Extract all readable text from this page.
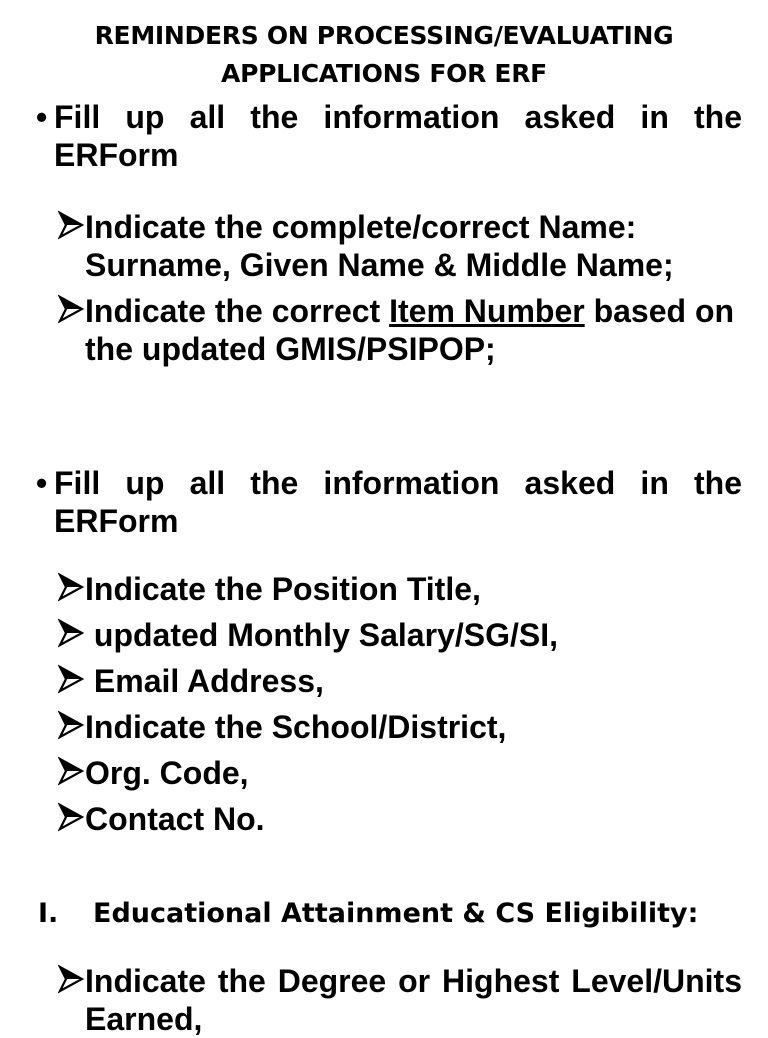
REMINDERS ON PROCESSING/EVALUATING
APPLICATIONS FOR ERF
• Fill up all the information asked in the ERForm
Indicate the complete/correct Name: Surname, Given Name & Middle Name;
Indicate the correct Item Number based on the updated GMIS/PSIPOP;
• Fill up all the information asked in the ERForm
Indicate the Position Title,
updated Monthly Salary/SG/SI,
Email Address,
Indicate the School/District,
Org. Code,
Contact No.
I. Educational Attainment & CS Eligibility:
Indicate the Degree or Highest Level/Units Earned,
